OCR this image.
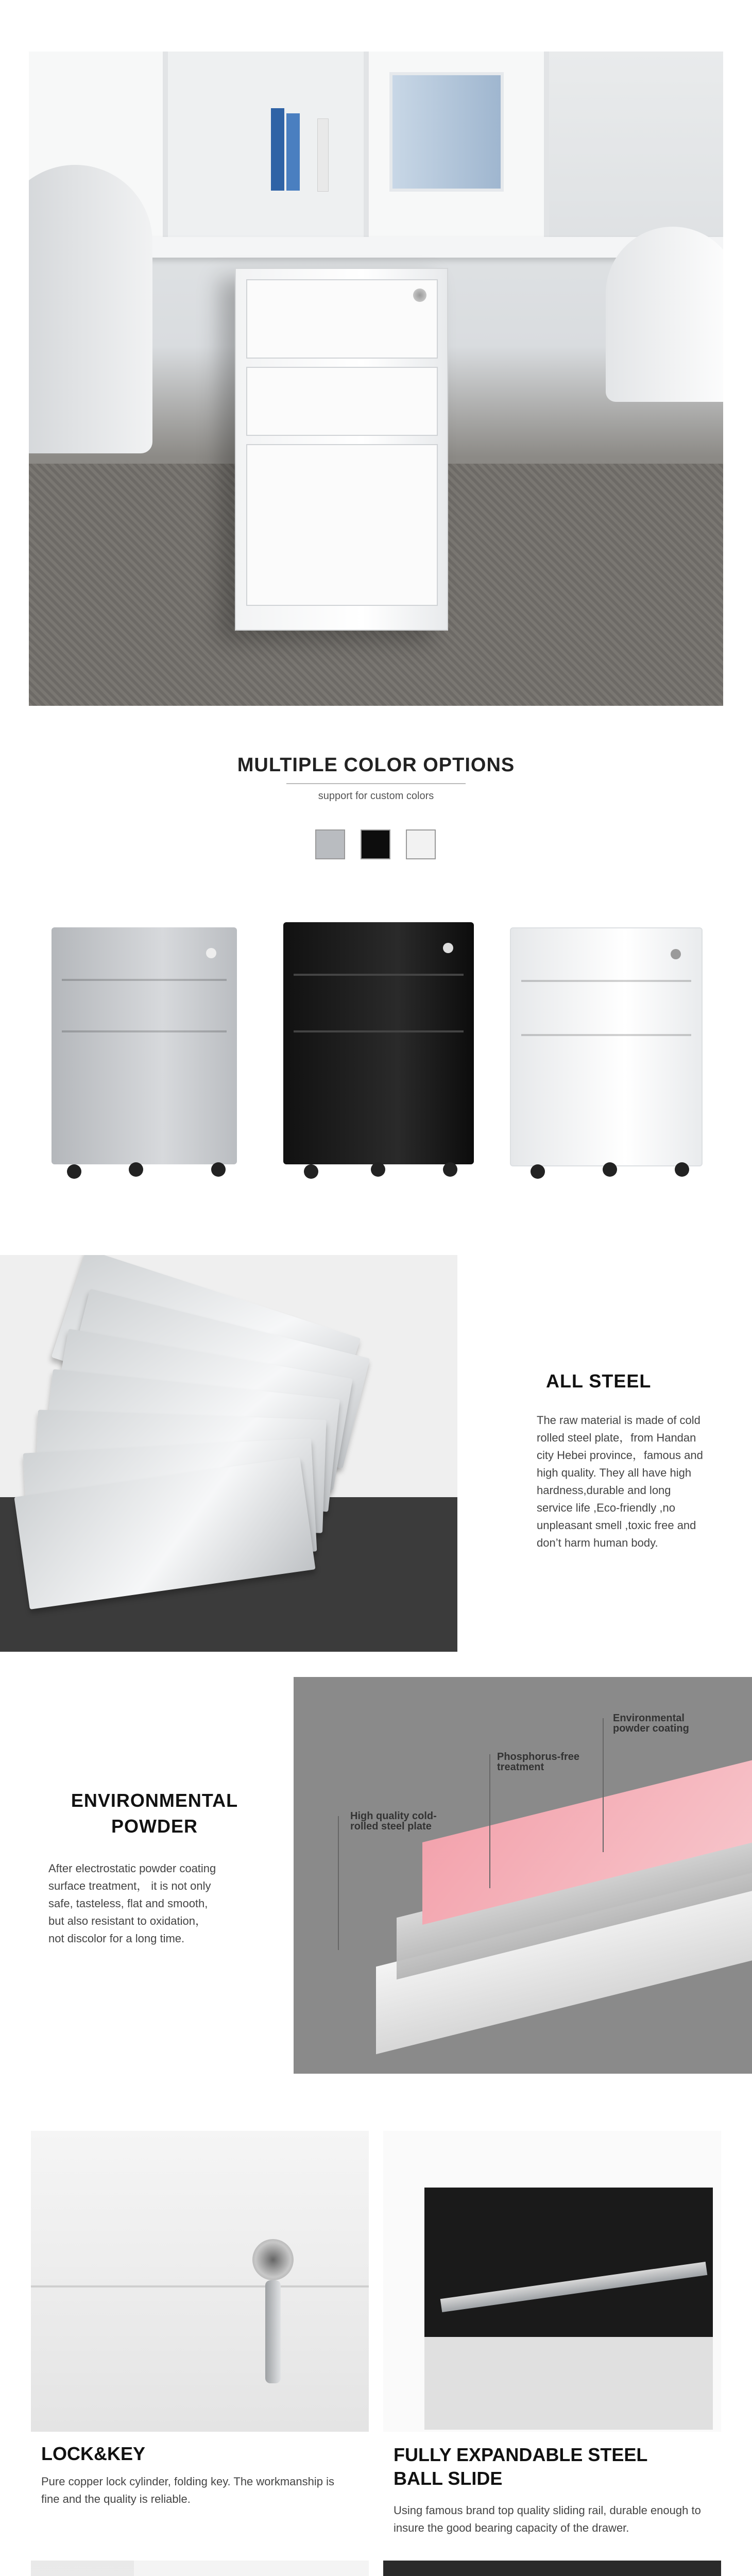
MULTIPLE COLOR OPTIONS
support for custom colors
ALL STEEL
The raw material is made of cold rolled steel plate，from Handan city Hebei province，famous and high quality. They all have high hardness,durable and long service life ,Eco-friendly ,no unpleasant smell ,toxic free and don’t harm human body.
ENVIRONMENTAL
POWDER
After electrostatic powder coating surface treatment， it is not only safe, tasteless, flat and smooth, but also resistant to oxidation，not discolor for a long time.
Environmental powder coating
Phosphorus-free treatment
High quality cold-rolled steel plate
LOCK&KEY
Pure copper lock cylinder, folding key. The workmanship is fine and the quality is reliable.
FULLY EXPANDABLE STEEL
BALL SLIDE
Using famous brand top quality sliding rail, durable enough to insure the good bearing capacity of the drawer.
